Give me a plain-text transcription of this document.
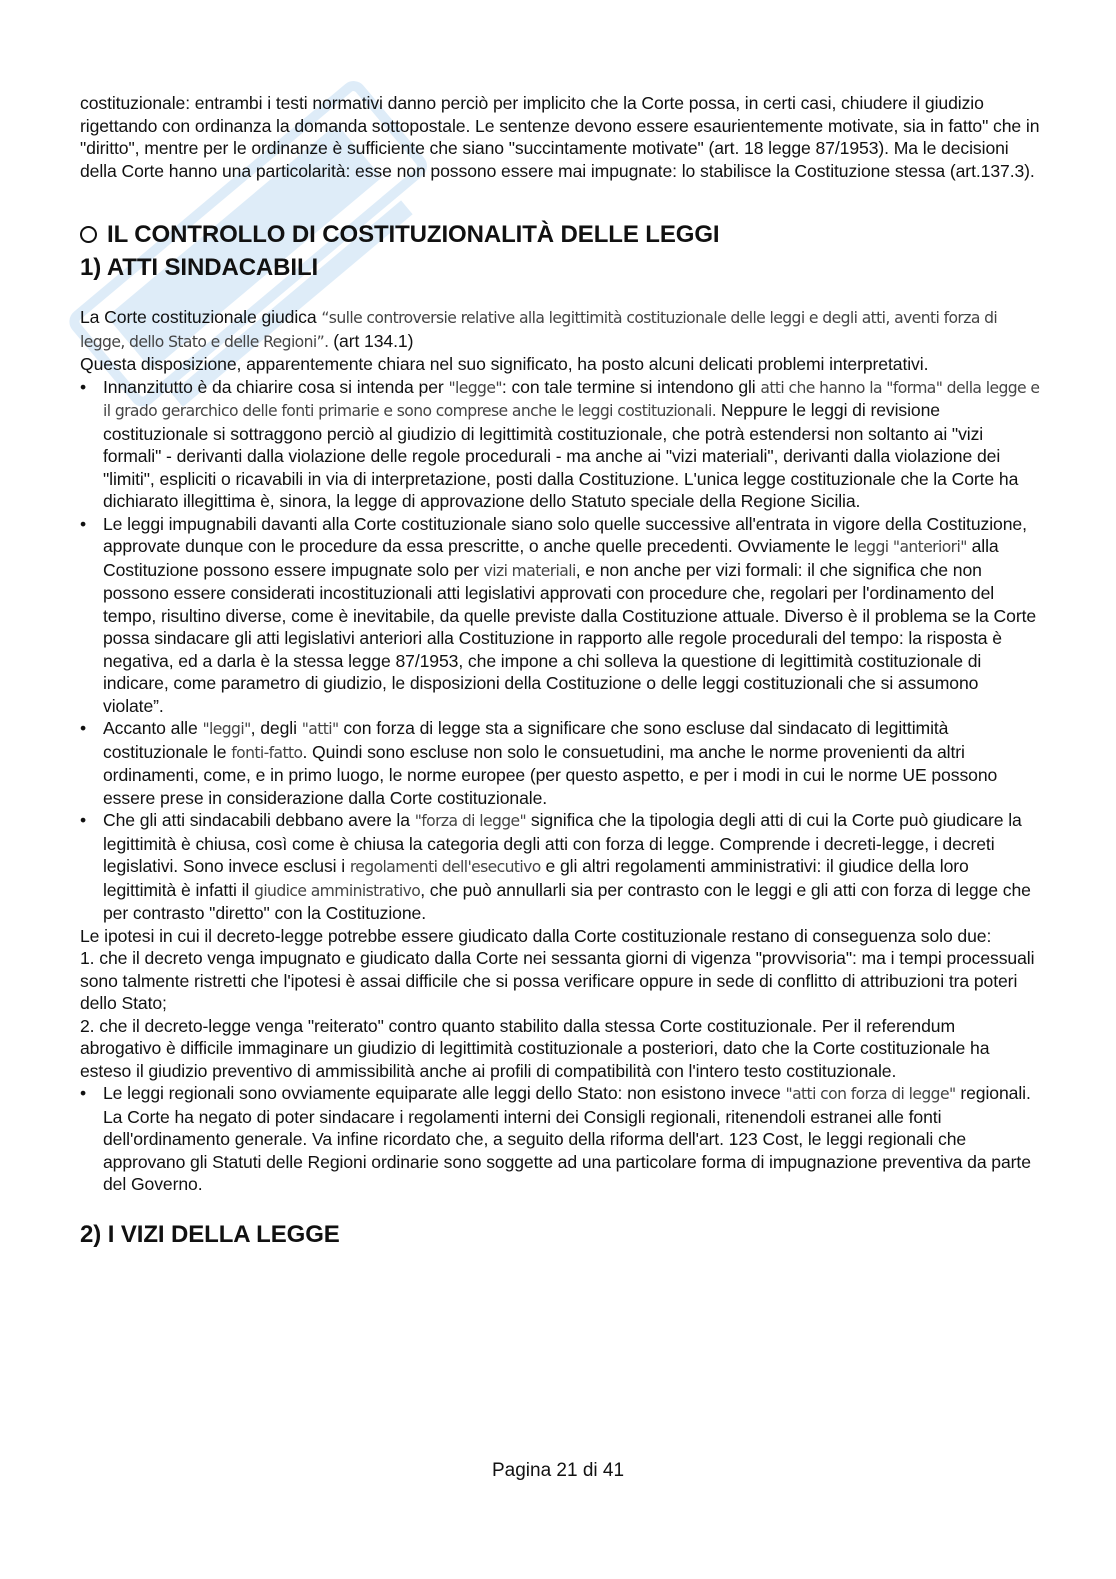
costituzionale: entrambi i testi normativi danno perciò per implicito che la Corte possa, in certi casi, chiudere il giudizio rigettando con ordinanza la domanda sottopostale. Le sentenze devono essere esaurientemente motivate, sia in fatto" che in "diritto", mentre per le ordinanze è sufficiente che siano "succintamente motivate" (art. 18 legge 87/1953). Ma le decisioni della Corte hanno una particolarità: esse non possono essere mai impugnate: lo stabilisce la Costituzione stessa (art.137.3).

IL CONTROLLO DI COSTITUZIONALITÀ DELLE LEGGI
1) ATTI SINDACABILI

La Corte costituzionale giudica “sulle controversie relative alla legittimità costituzionale delle leggi e degli atti, aventi forza di legge, dello Stato e delle Regioni”. (art 134.1)

Questa disposizione, apparentemente chiara nel suo significato, ha posto alcuni delicati problemi interpretativi.

• Innanzitutto è da chiarire cosa si intenda per "legge": con tale termine si intendono gli atti che hanno la "forma" della legge e il grado gerarchico delle fonti primarie e sono comprese anche le leggi costituzionali. Neppure le leggi di revisione costituzionale si sottraggono perciò al giudizio di legittimità costituzionale, che potrà estendersi non soltanto ai "vizi formali" - derivanti dalla violazione delle regole procedurali - ma anche ai "vizi materiali", derivanti dalla violazione dei "limiti", espliciti o ricavabili in via di interpretazione, posti dalla Costituzione. L'unica legge costituzionale che la Corte ha dichiarato illegittima è, sinora, la legge di approvazione dello Statuto speciale della Regione Sicilia.
• Le leggi impugnabili davanti alla Corte costituzionale siano solo quelle successive all'entrata in vigore della Costituzione, approvate dunque con le procedure da essa prescritte, o anche quelle precedenti. Ovviamente le leggi "anteriori" alla Costituzione possono essere impugnate solo per vizi materiali, e non anche per vizi formali: il che significa che non possono essere considerati incostituzionali atti legislativi approvati con procedure che, regolari per l'ordinamento del tempo, risultino diverse, come è inevitabile, da quelle previste dalla Costituzione attuale. Diverso è il problema se la Corte possa sindacare gli atti legislativi anteriori alla Costituzione in rapporto alle regole procedurali del tempo: la risposta è negativa, ed a darla è la stessa legge 87/1953, che impone a chi solleva la questione di legittimità costituzionale di indicare, come parametro di giudizio, le disposizioni della Costituzione o delle leggi costituzionali che si assumono violate”.
• Accanto alle "leggi", degli "atti" con forza di legge sta a significare che sono escluse dal sindacato di legittimità costituzionale le fonti-fatto. Quindi sono escluse non solo le consuetudini, ma anche le norme provenienti da altri ordinamenti, come, e in primo luogo, le norme europee (per questo aspetto, e per i modi in cui le norme UE possono essere prese in considerazione dalla Corte costituzionale.
• Che gli atti sindacabili debbano avere la "forza di legge" significa che la tipologia degli atti di cui la Corte può giudicare la legittimità è chiusa, così come è chiusa la categoria degli atti con forza di legge. Comprende i decreti-legge, i decreti legislativi. Sono invece esclusi i regolamenti dell'esecutivo e gli altri regolamenti amministrativi: il giudice della loro legittimità è infatti il giudice amministrativo, che può annullarli sia per contrasto con le leggi e gli atti con forza di legge che per contrasto "diretto" con la Costituzione.

Le ipotesi in cui il decreto-legge potrebbe essere giudicato dalla Corte costituzionale restano di conseguenza solo due:

1. che il decreto venga impugnato e giudicato dalla Corte nei sessanta giorni di vigenza "provvisoria": ma i tempi processuali sono talmente ristretti che l'ipotesi è assai difficile che si possa verificare oppure in sede di conflitto di attribuzioni tra poteri dello Stato;

2. che il decreto-legge venga "reiterato" contro quanto stabilito dalla stessa Corte costituzionale. Per il referendum abrogativo è difficile immaginare un giudizio di legittimità costituzionale a posteriori, dato che la Corte costituzionale ha esteso il giudizio preventivo di ammissibilità anche ai profili di compatibilità con l'intero testo costituzionale.

• Le leggi regionali sono ovviamente equiparate alle leggi dello Stato: non esistono invece "atti con forza di legge" regionali. La Corte ha negato di poter sindacare i regolamenti interni dei Consigli regionali, ritenendoli estranei alle fonti dell'ordinamento generale. Va infine ricordato che, a seguito della riforma dell'art. 123 Cost, le leggi regionali che approvano gli Statuti delle Regioni ordinarie sono soggette ad una particolare forma di impugnazione preventiva da parte del Governo.
2) I VIZI DELLA LEGGE
Pagina 21 di 41
